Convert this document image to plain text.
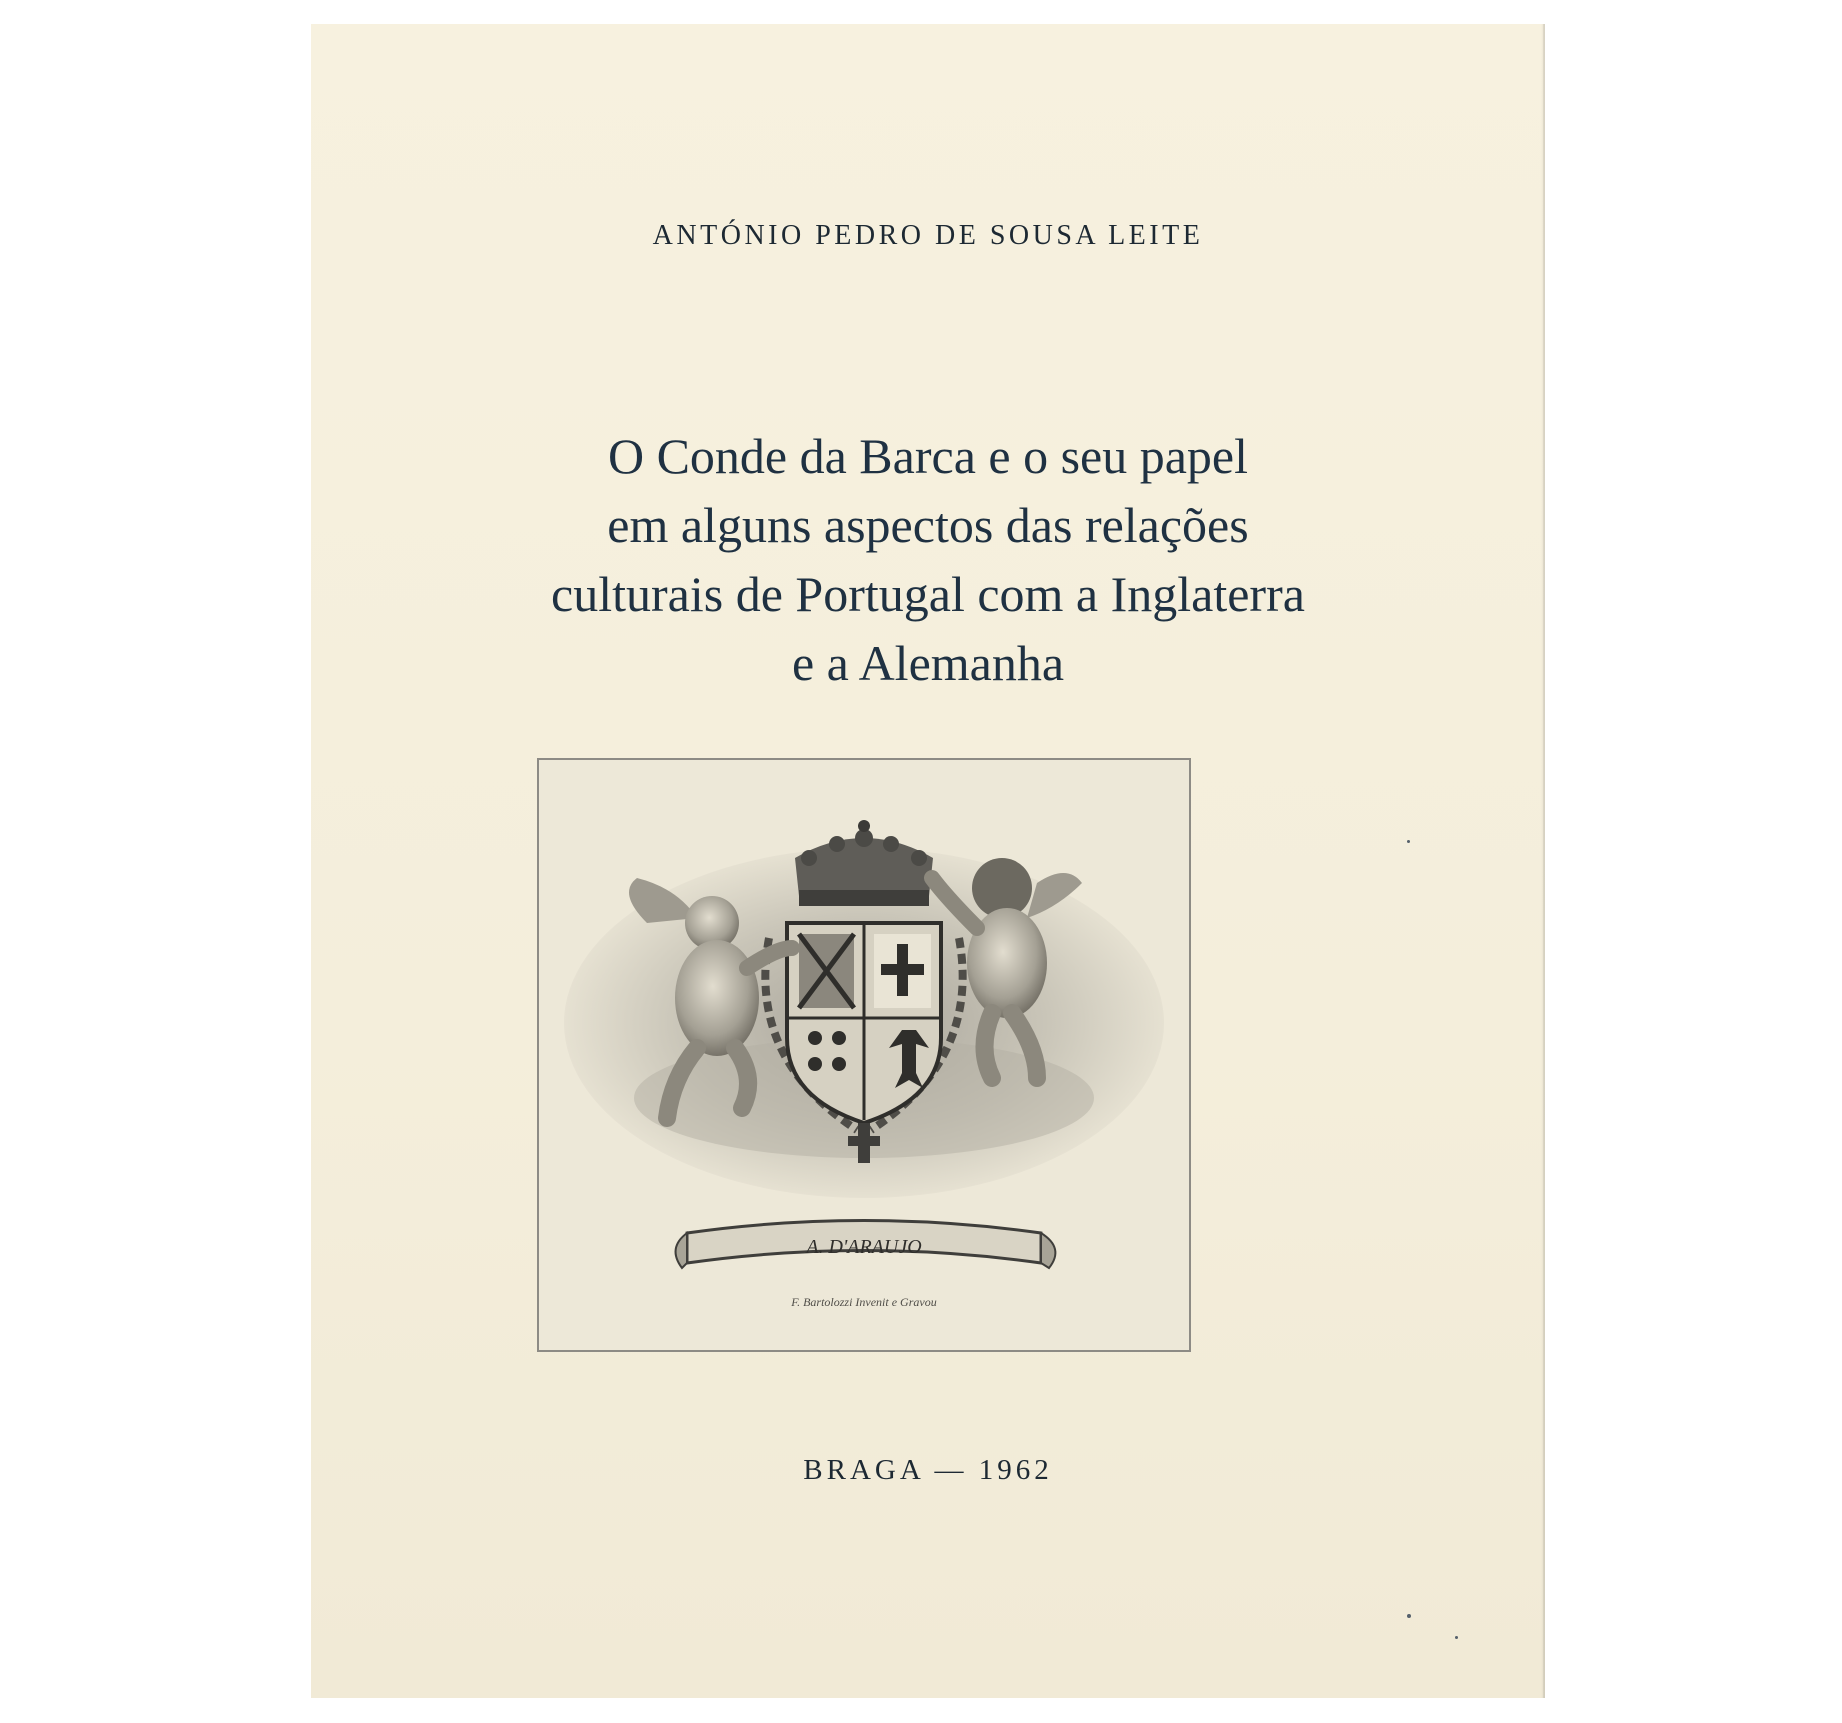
ANTÓNIO PEDRO DE SOUSA LEITE
O Conde da Barca e o seu papel
em alguns aspectos das relações
culturais de Portugal com a Inglaterra
e a Alemanha
A. D'ARAUJO
F. Bartolozzi Invenit e Gravou
BRAGA — 1962
